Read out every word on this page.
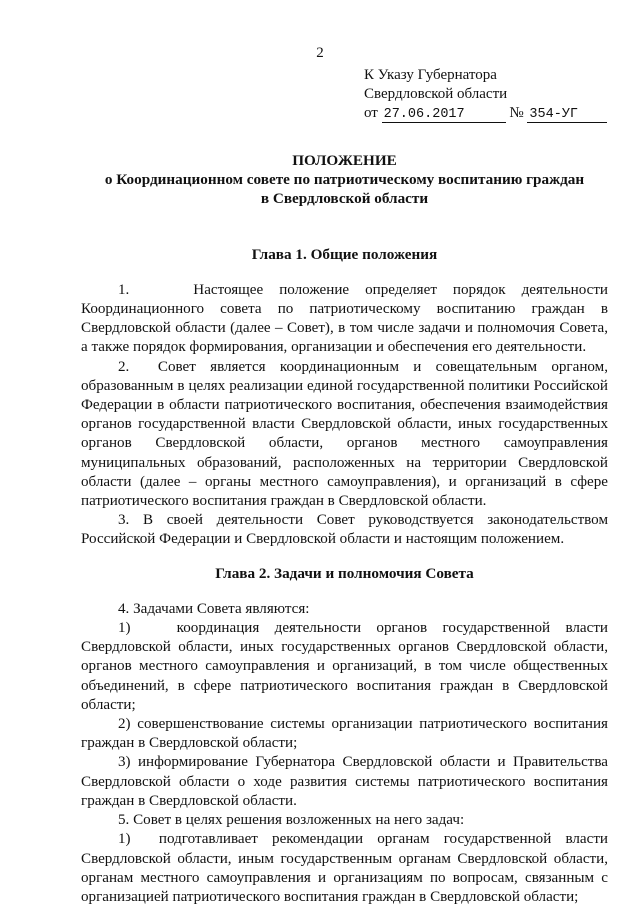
2
К Указу Губернатора
Свердловской области
от 27.06.2017	№ 354-УГ
ПОЛОЖЕНИЕ
о Координационном совете по патриотическому воспитанию граждан
в Свердловской области
Глава 1. Общие положения

1.    Настоящее положение определяет порядок деятельности Координационного совета по патриотическому воспитанию граждан в Свердловской области (далее – Совет), в том числе задачи и полномочия Совета, а также порядок формирования, организации и обеспечения его деятельности.

2.  Совет является координационным и совещательным органом, образованным в целях реализации единой государственной политики Российской Федерации в области патриотического воспитания, обеспечения взаимодействия органов государственной власти Свердловской области, иных государственных органов Свердловской области, органов местного самоуправления муниципальных образований, расположенных на территории Свердловской области (далее – органы местного самоуправления), и организаций в сфере патриотического воспитания граждан в Свердловской области.

3. В своей деятельности Совет руководствуется законодательством Российской Федерации и Свердловской области и настоящим положением.

Глава 2. Задачи и полномочия Совета

4. Задачами Совета являются:

1)   координация деятельности органов государственной власти Свердловской области, иных государственных органов Свердловской области, органов местного самоуправления и организаций, в том числе общественных объединений, в сфере патриотического воспитания граждан в Свердловской области;

2) совершенствование системы организации патриотического воспитания граждан в Свердловской области;

3) информирование Губернатора Свердловской области и Правительства Свердловской области о ходе развития системы патриотического воспитания граждан в Свердловской области.

5. Совет в целях решения возложенных на него задач:

1)  подготавливает рекомендации органам государственной власти Свердловской области, иным государственным органам Свердловской области, органам местного самоуправления и организациям по вопросам, связанным с организацией патриотического воспитания граждан в Свердловской области;
